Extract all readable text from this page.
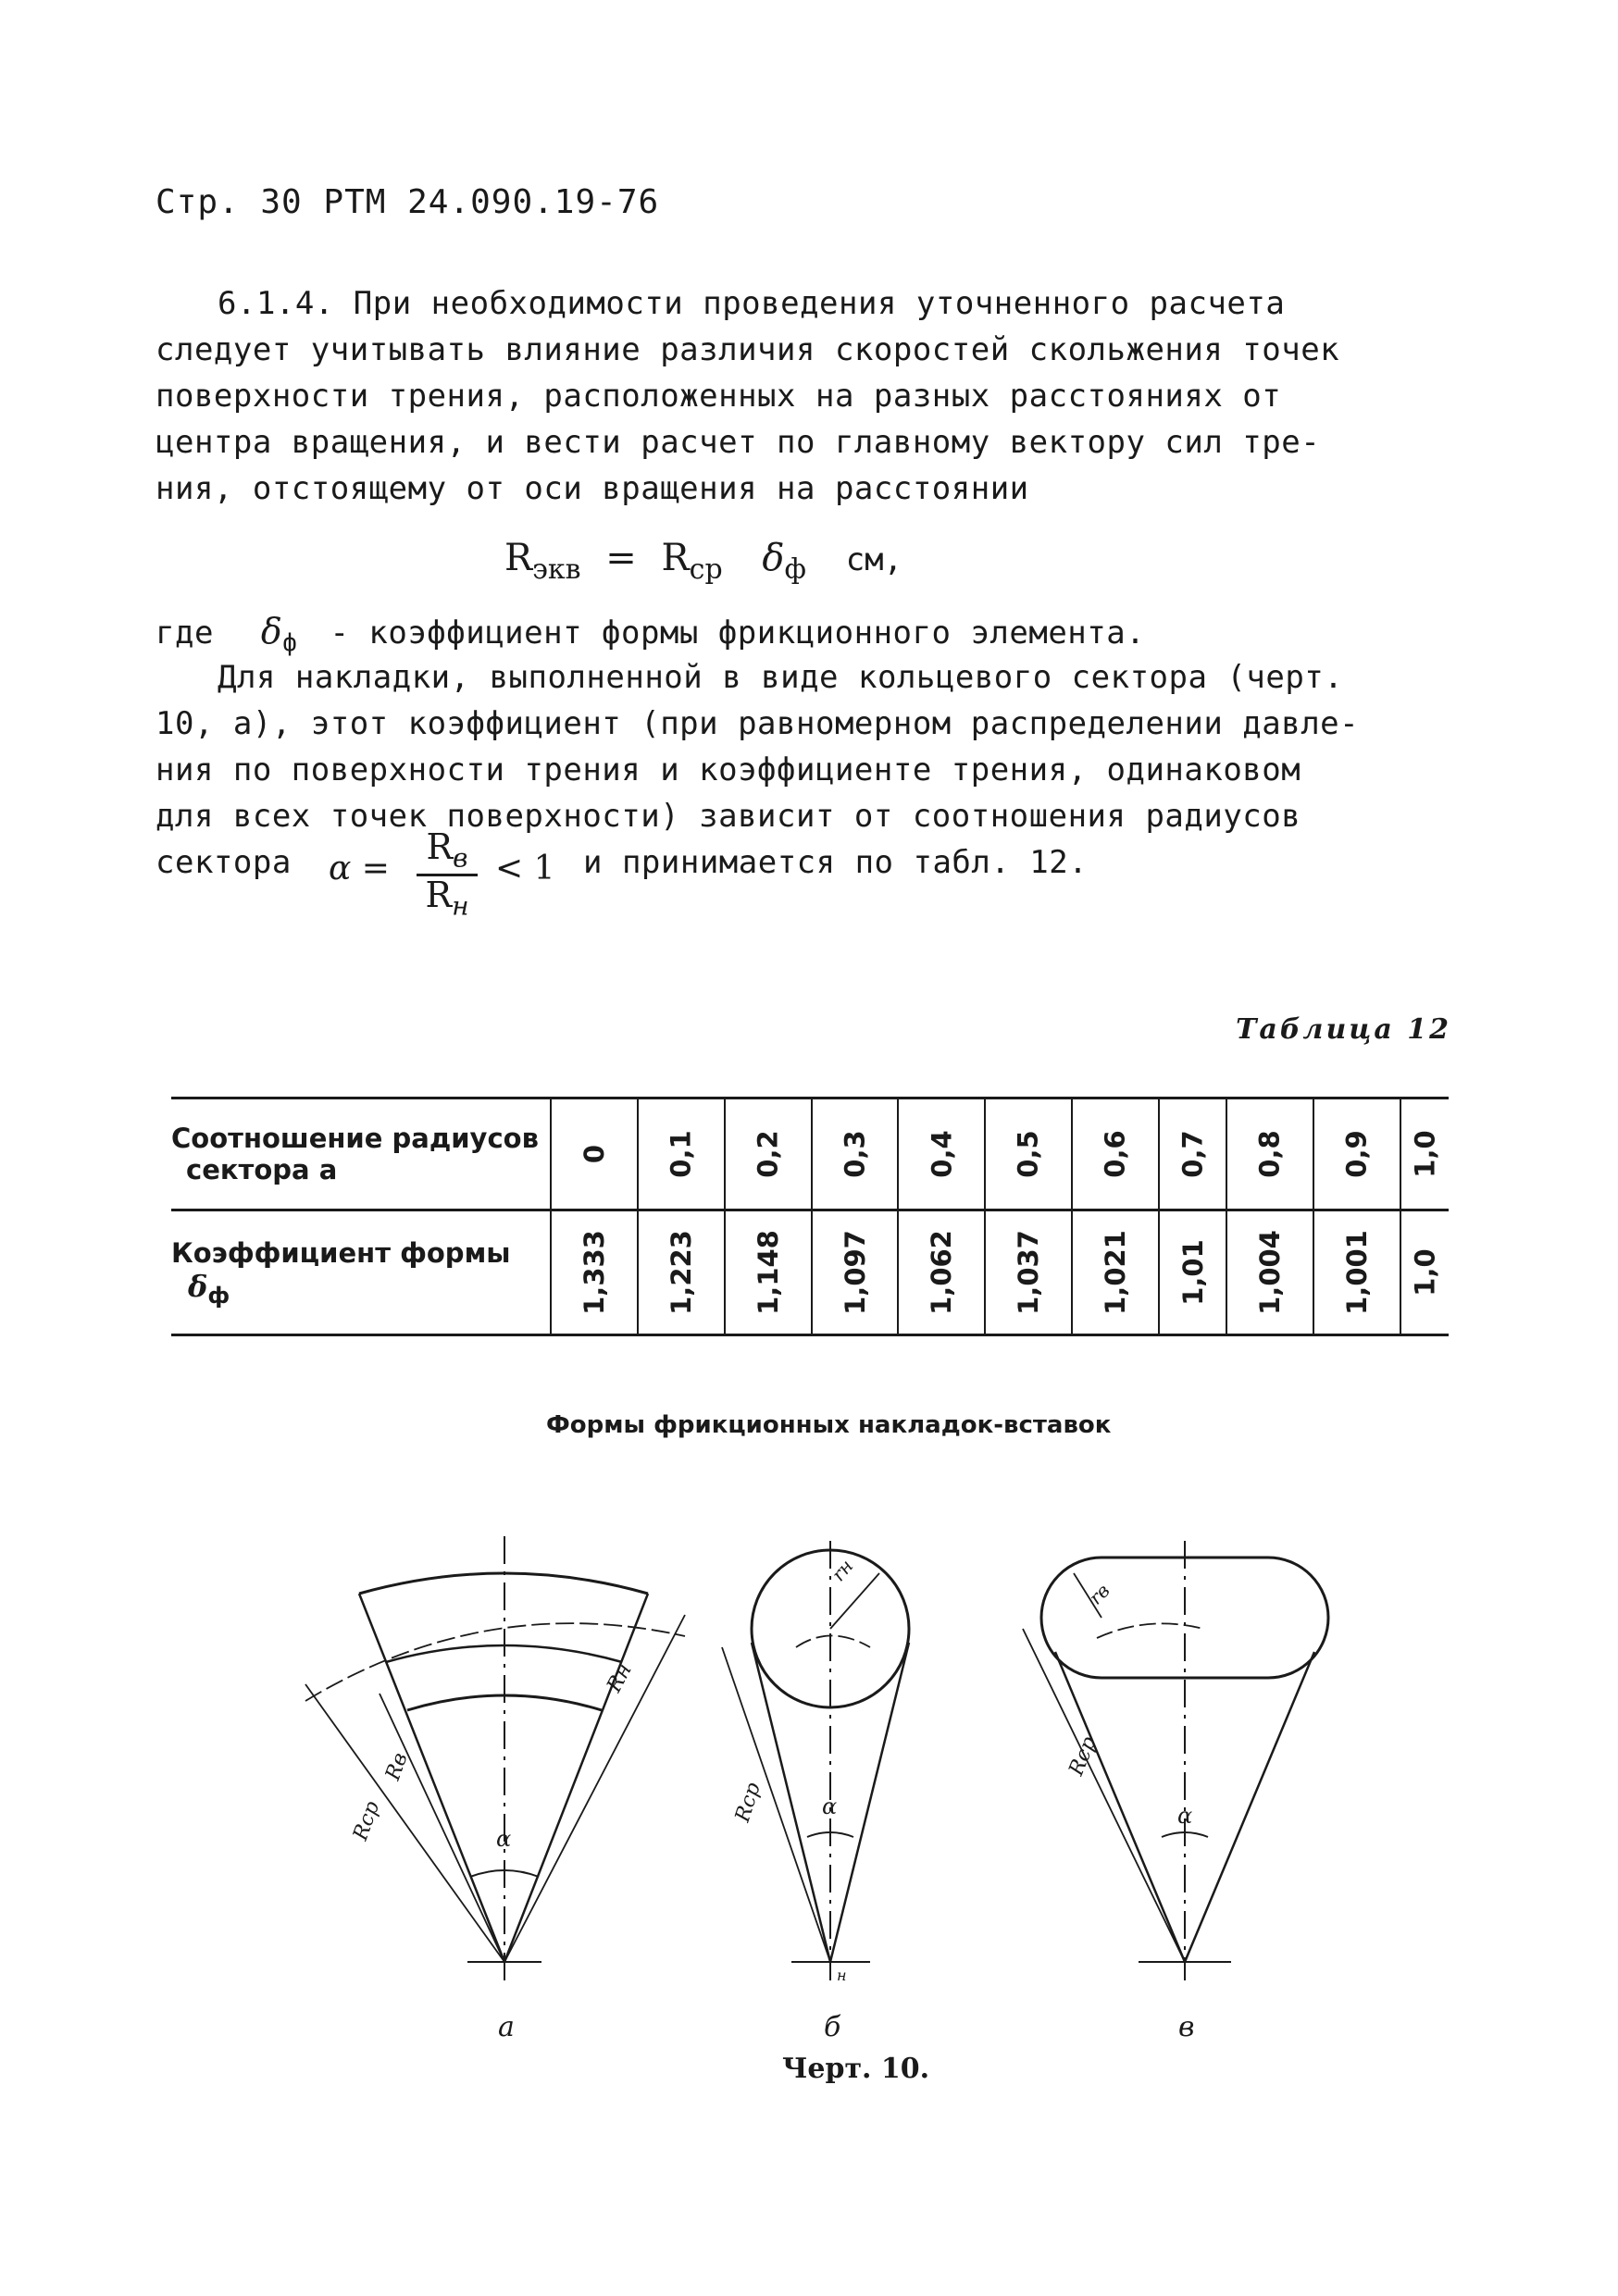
Стр. 30 РТМ 24.090.19-76
6.1.4. При необходимости проведения уточненного расчета
следует учитывать влияние различия скоростей скольжения точек
поверхности трения, расположенных на разных расстояниях от
центра вращения, и вести расчет по главному вектору сил тре-
ния, отстоящему от оси вращения на расстоянии
$R_{экв} = R_{ср}$ $\delta_ф$ см,
где $\delta_ф$ - коэффициент формы фрикционного элемента.
Для накладки, выполненной в виде кольцевого сектора (черт.
10, а), этот коэффициент (при равномерном распределении давле-
ния по поверхности трения и коэффициенте трения, одинаковом
для всех точек поверхности) зависит от соотношения радиусов
сектора α =
$R_в$
$R_н$
< 1 и принимается по табл. 12.
Таблица 12
Соотношение радиусов
сектора а	0	0,1	0,2	0,3	0,4	0,5	0,6	0,7	0,8	0,9	1,0
Коэффициент формы $\delta_ф$	1,333	1,223	1,148	1,097	1,062	1,037	1,021	1,01	1,004	1,001	1,0
Формы фрикционных накладок-вставок
Rср
Rв
Rн
α
Rср
rн
α
н
Rср
rв
α
а	б	в
Черт. 10.
